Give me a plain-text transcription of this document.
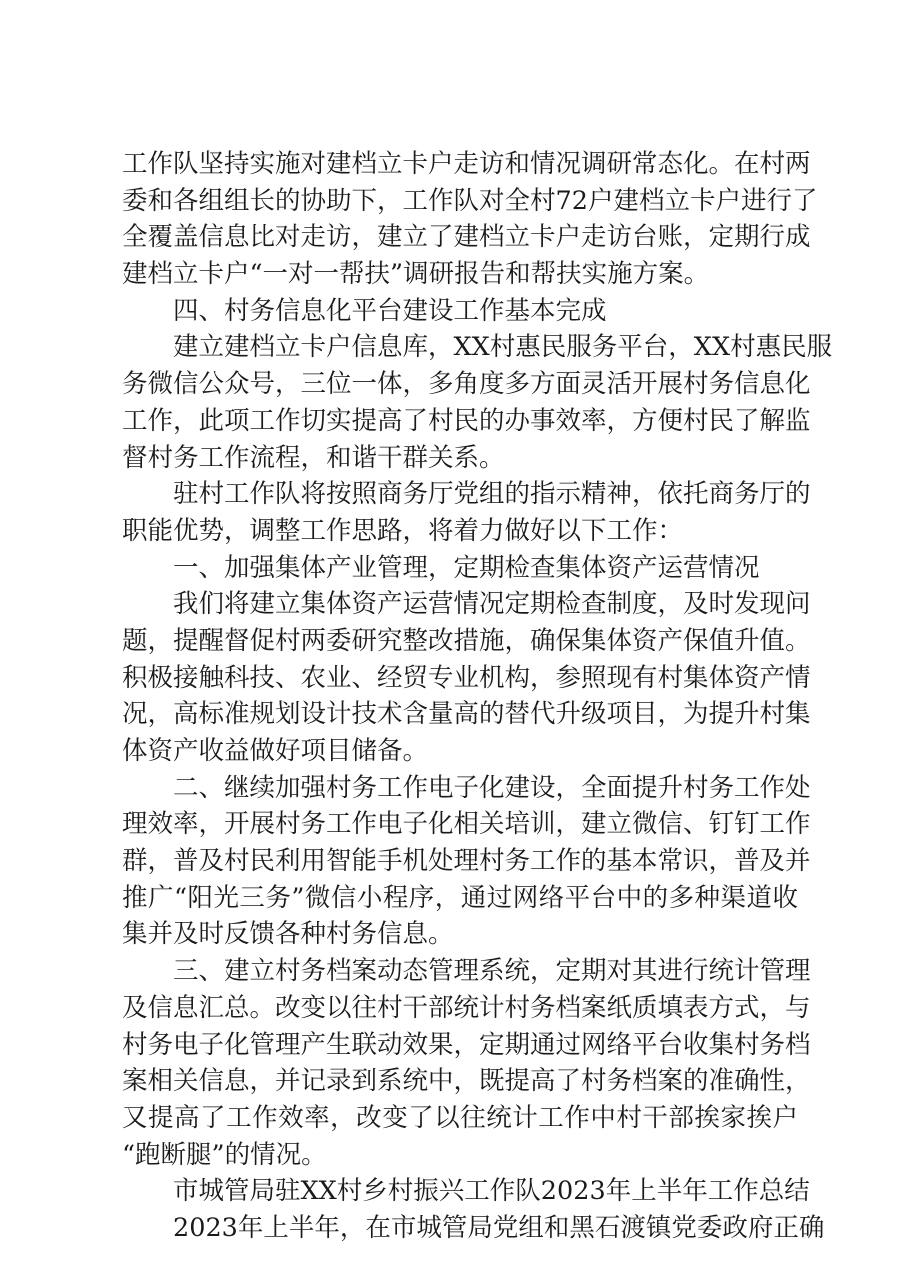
工作队坚持实施对建档立卡户走访和情况调研常态化。在村两
委和各组组长的协助下，工作队对全村72户建档立卡户进行了
全覆盖信息比对走访，建立了建档立卡户走访台账，定期行成
建档立卡户“一对一帮扶”调研报告和帮扶实施方案。
四、村务信息化平台建设工作基本完成
建立建档立卡户信息库，XX村惠民服务平台，XX村惠民服
务微信公众号，三位一体，多角度多方面灵活开展村务信息化
工作，此项工作切实提高了村民的办事效率，方便村民了解监
督村务工作流程，和谐干群关系。
驻村工作队将按照商务厅党组的指示精神，依托商务厅的
职能优势，调整工作思路，将着力做好以下工作：
一、加强集体产业管理，定期检查集体资产运营情况
我们将建立集体资产运营情况定期检查制度，及时发现问
题，提醒督促村两委研究整改措施，确保集体资产保值升值。
积极接触科技、农业、经贸专业机构，参照现有村集体资产情
况，高标准规划设计技术含量高的替代升级项目，为提升村集
体资产收益做好项目储备。
二、继续加强村务工作电子化建设，全面提升村务工作处
理效率，开展村务工作电子化相关培训，建立微信、钉钉工作
群，普及村民利用智能手机处理村务工作的基本常识，普及并
推广“阳光三务”微信小程序，通过网络平台中的多种渠道收
集并及时反馈各种村务信息。
三、建立村务档案动态管理系统，定期对其进行统计管理
及信息汇总。改变以往村干部统计村务档案纸质填表方式，与
村务电子化管理产生联动效果，定期通过网络平台收集村务档
案相关信息，并记录到系统中，既提高了村务档案的准确性，
又提高了工作效率，改变了以往统计工作中村干部挨家挨户
“跑断腿”的情况。
市城管局驻XX村乡村振兴工作队2023年上半年工作总结
2023年上半年，在市城管局党组和黑石渡镇党委政府正确
